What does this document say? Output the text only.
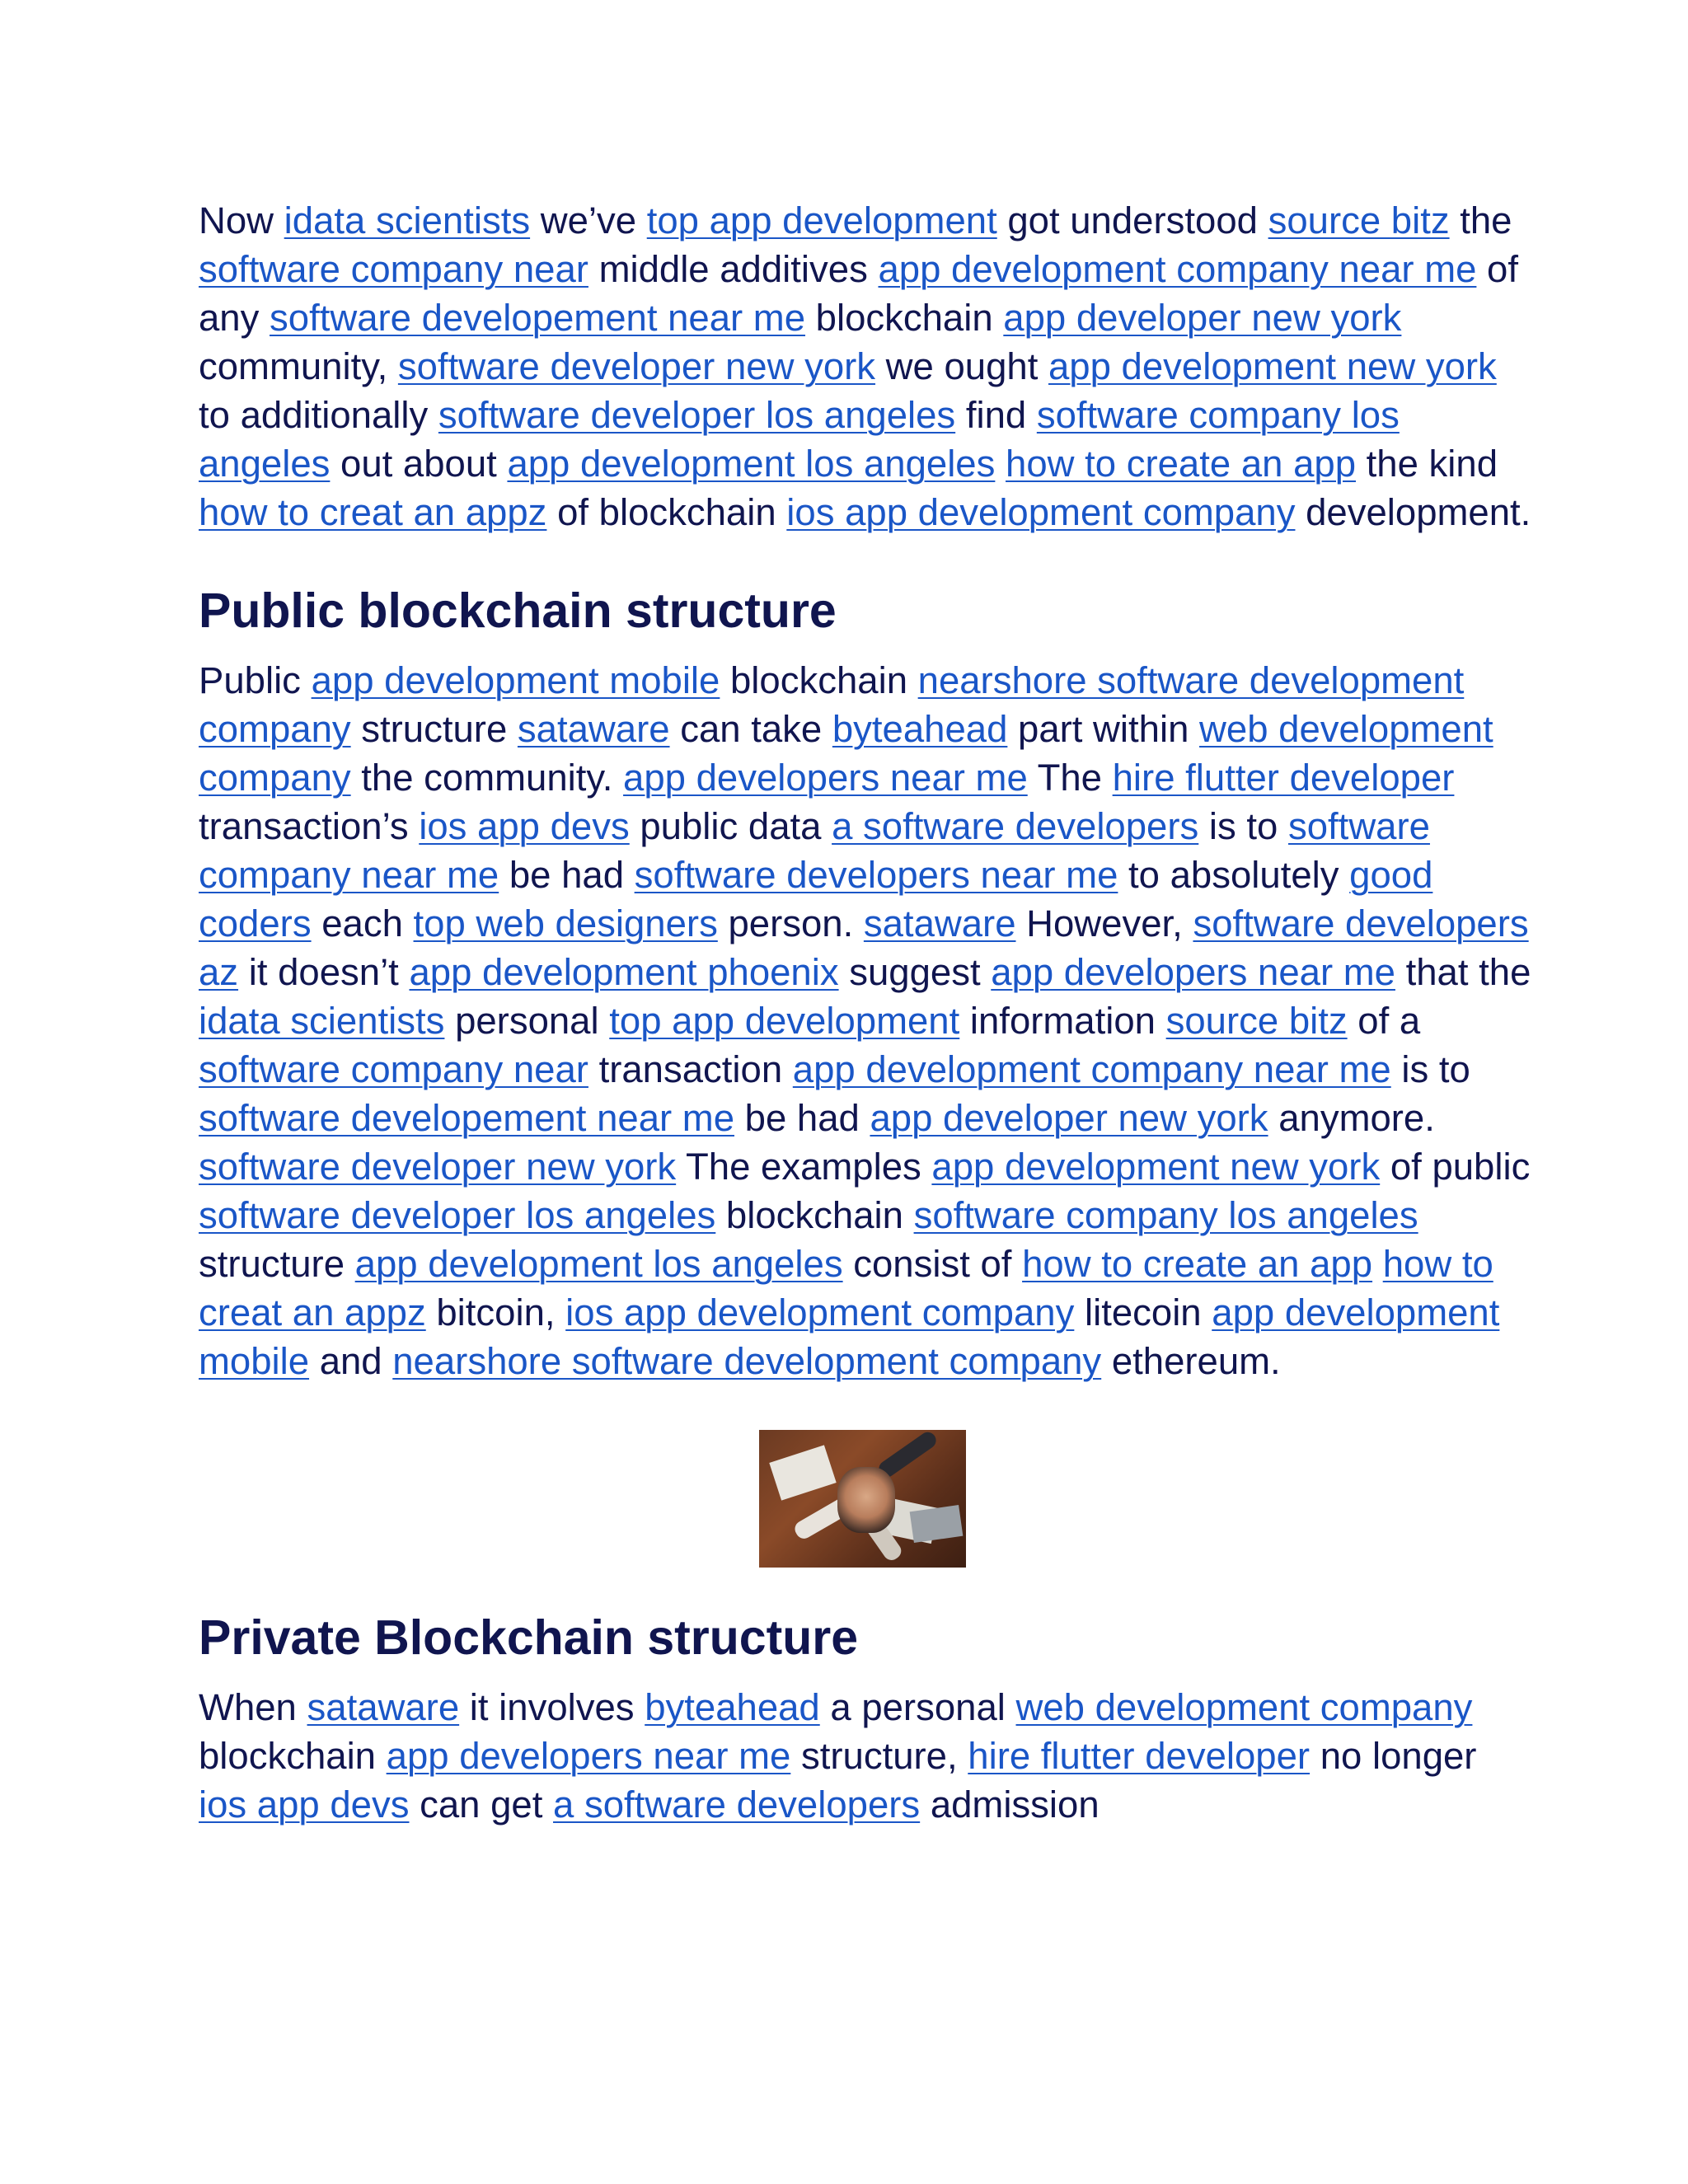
Now idata scientists we’ve top app development got understood source bitz the software company near middle additives app development company near me of any software developement near me blockchain app developer new york community, software developer new york we ought app development new york to additionally software developer los angeles find software company los angeles out about app development los angeles how to create an app the kind how to creat an appz of blockchain ios app development company development.

Public blockchain structure

Public app development mobile blockchain nearshore software development company structure sataware can take byteahead part within web development company the community. app developers near me The hire flutter developer transaction’s ios app devs public data a software developers is to software company near me be had software developers near me to absolutely good coders each top web designers person. sataware However, software developers az it doesn’t app development phoenix suggest app developers near me that the idata scientists personal top app development information source bitz of a software company near transaction app development company near me is to software developement near me be had app developer new york anymore. software developer new york The examples app development new york of public software developer los angeles blockchain software company los angeles structure app development los angeles consist of how to create an app how to creat an appz bitcoin, ios app development company litecoin app development mobile and nearshore software development company ethereum.

Private Blockchain structure

When sataware it involves byteahead a personal web development company blockchain app developers near me structure, hire flutter developer no longer ios app devs can get a software developers admission
